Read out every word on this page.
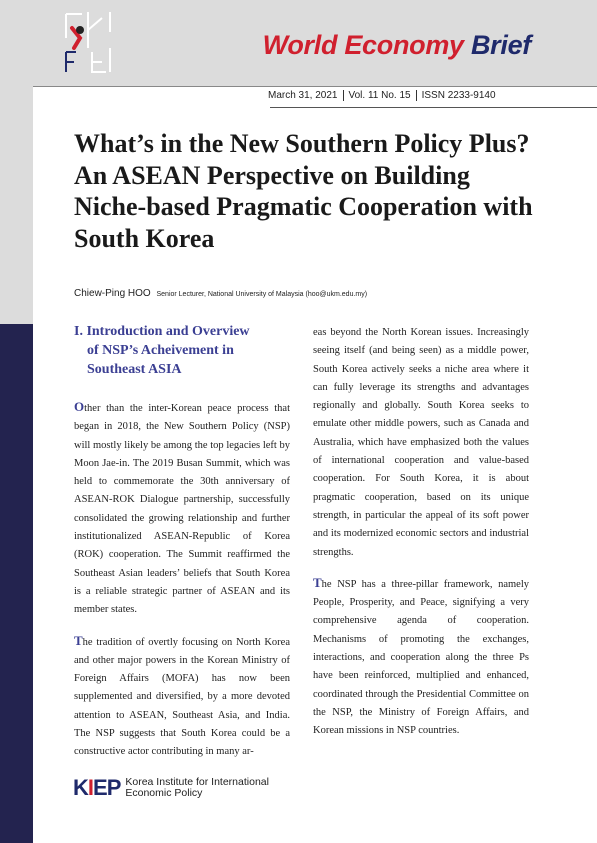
World Economy Brief
March 31, 2021	Vol. 11 No. 15	ISSN 2233-9140
What’s in the New Southern Policy Plus? An ASEAN Perspective on Building Niche-based Pragmatic Cooperation with South Korea
Chiew-Ping HOO Senior Lecturer, National University of Malaysia (hoo@ukm.edu.my)
I. Introduction and Overview
of NSP’s Acheivement in
Southeast ASIA

Other than the inter-Korean peace process that began in 2018, the New Southern Policy (NSP) will mostly likely be among the top legacies left by Moon Jae-in. The 2019 Busan Summit, which was held to commemorate the 30th anniversary of ASEAN-ROK Dialogue partnership, successfully consolidated the growing relationship and further institutionalized ASEAN-Republic of Korea (ROK) cooperation. The Summit reaffirmed the Southeast Asian leaders’ beliefs that South Korea is a reliable strategic partner of ASEAN and its member states.

The tradition of overtly focusing on North Korea and other major powers in the Korean Ministry of Foreign Affairs (MOFA) has now been supplemented and diversified, by a more devoted attention to ASEAN, Southeast Asia, and India. The NSP suggests that South Korea could be a constructive actor contributing in many ar-

eas beyond the North Korean issues. Increasingly seeing itself (and being seen) as a middle power, South Korea actively seeks a niche area where it can fully leverage its strengths and advantages regionally and globally. South Korea seeks to emulate other middle powers, such as Canada and Australia, which have emphasized both the values of international cooperation and value-based cooperation. For South Korea, it is about pragmatic cooperation, based on its unique strength, in particular the appeal of its soft power and its modernized economic sectors and industrial strengths.

The NSP has a three-pillar framework, namely People, Prosperity, and Peace, signifying a very comprehensive agenda of cooperation. Mechanisms of promoting the exchanges, interactions, and cooperation along the three Ps have been reinforced, multiplied and enhanced, coordinated through the Presidential Committee on the NSP, the Ministry of Foreign Affairs, and Korean missions in NSP countries.

KIEP Korea Institute for International
Economic Policy
